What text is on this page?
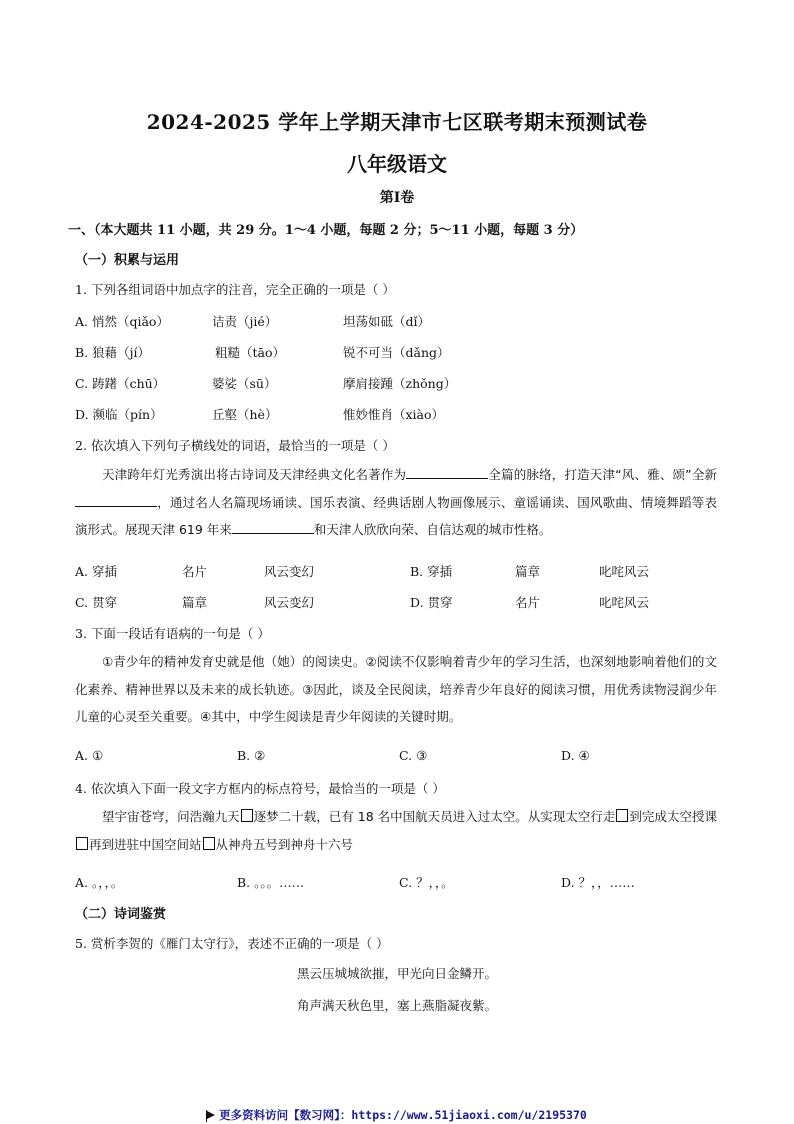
2024-2025 学年上学期天津市七区联考期末预测试卷
八年级语文
第Ⅰ卷
一、（本大题共 11 小题，共 29 分。1～4 小题，每题 2 分；5～11 小题，每题 3 分）
（一）积累与运用
1. 下列各组词语中加点字的注音，完全正确的一项是（ ）
A. 悄然（qiǎo）	诘责（jié）	坦荡如砥（dǐ）
B. 狼藉（jí）	粗糙（tāo）	锐不可当（dǎng）
C. 踌躇（chū）	婆娑（sū）	摩肩接踵（zhǒng）
D. 濒临（pín）	丘壑（hè）	惟妙惟肖（xiào）
2. 依次填入下列句子横线处的词语，最恰当的一项是（ ）
天津跨年灯光秀演出将古诗词及天津经典文化名著作为	全篇的脉络，打造天津“风、雅、颂”全新，通过名人名篇现场诵读、国乐表演、经典话剧人物画像展示、童谣诵读、国风歌曲、情境舞蹈等表演形式。展现天津 619 年来	和天津人欣欣向荣、自信达观的城市性格。
A. 穿插	名片	风云变幻	B. 穿插	篇章	叱咤风云
C. 贯穿	篇章	风云变幻	D. 贯穿	名片	叱咤风云
3. 下面一段话有语病的一句是（ ）
①青少年的精神发育史就是他（她）的阅读史。②阅读不仅影响着青少年的学习生活，也深刻地影响着他们的文化素养、精神世界以及未来的成长轨迹。③因此，谈及全民阅读，培养青少年良好的阅读习惯，用优秀读物浸润少年儿童的心灵至关重要。④其中，中学生阅读是青少年阅读的关键时期。
A. ①	B. ②	C. ③	D. ④
4. 依次填入下面一段文字方框内的标点符号，最恰当的一项是（ ）
望宇宙苍穹，问浩瀚九天 逐梦二十载，已有 18 名中国航天员进入过太空。从实现太空行走 到完成太空授课再到进驻中国空间站 从神舟五号到神舟十六号
A. 。，，。	B. 。。。……	C. ？，，。	D. ？，，……
（二）诗词鉴赏
5. 赏析李贺的《雁门太守行》，表述不正确的一项是（ ）
黑云压城城欲摧，甲光向日金鳞开。
角声满天秋色里，塞上燕脂凝夜紫。
更多资料访问【数习网】：https://www.51jiaoxi.com/u/2195370
